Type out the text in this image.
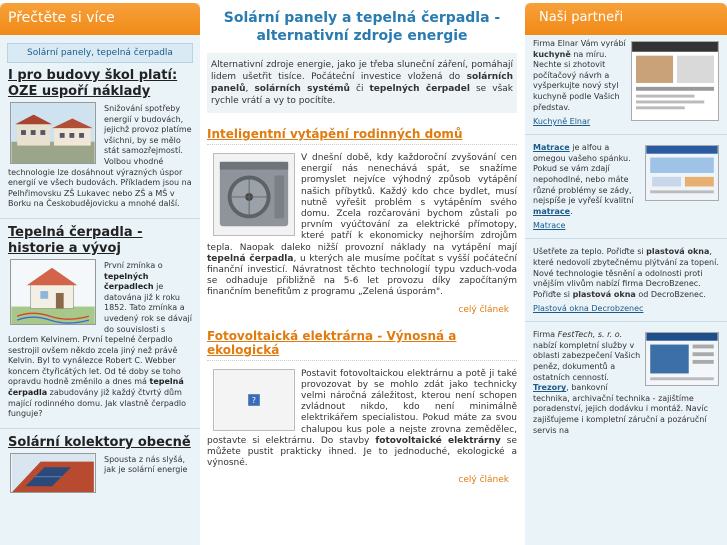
Přečtěte si více
Solární panely, tepelná čerpadla
I pro budovy škol platí: OZE uspoří náklady
Snižování spotřeby energií v budovách, jejichž provoz platíme všichni, by se mělo stát samozřejmostí. Volbou vhodné technologie lze dosáhnout výrazných úspor energií ve všech budovách. Příkladem jsou na Pelhřimovsku ZŠ Lukavec nebo ZŠ a MŠ v Borku na Českobudějovicku a mnohé další.
Tepelná čerpadla - historie a vývoj
První zmínka o tepelných čerpadlech je datována již k roku 1852. Tato zmínka a uvedený rok se dávají do souvislosti s Lordem Kelvinem. První tepelné čerpadlo sestrojil ovšem někdo zcela jiný než právě Kelvin. Byl to vynálezce Robert C. Webber koncem čtyřicátých let. Od té doby se toho opravdu hodně změnilo a dnes má tepelná čerpadla zabudovány již každý čtvrtý dům mající rodinného domu. Jak vlastně čerpadlo funguje?
Solární kolektory obecně
Spousta z nás slyšá, jak je solární energie
Solární panely a tepelná čerpadla - alternativní zdroje energie
Alternativní zdroje energie, jako je třeba sluneční záření, pomáhají lidem ušetřit tisíce. Počáteční investice vložená do solárních panelů, solárních systémů či tepelných čerpadel se však rychle vrátí a vy to pocítíte.
Inteligentní vytápění rodinných domů
V dnešní době, kdy každoroční zvyšování cen energií nás nenechává spát, se snažíme promyslet nejvíce výhodný způsob vytápění našich příbytků. Každý kdo chce bydlet, musí nutně vyřešit problém s vytápěním svého domu. Zcela rozčarováni bychom zůstali po prvním vyúčtování za elektrické přímotopy, které patří k ekonomicky nejhorším zdrojům tepla. Naopak daleko nižší provozní náklady na vytápění mají tepelná čerpadla, u kterých ale musíme počítat s vyšší počáteční finanční investicí. Návratnost těchto technologií typu vzduch-voda se odhaduje přibližně na 5-6 let provozu díky započítaným finančním benefitům z programu „Zelená úsporám".
celý článek
Fotovoltaická elektrárna - Výnosná a ekologická
?
Postavit fotovoltaickou elektrárnu a potě ji také provozovat by se mohlo zdát jako technicky velmi náročná záležitost, kterou není schopen zvládnout nikdo, kdo není minimálně elektrikářem specialistou. Pokud máte za svou chalupou kus pole a nejste zrovna zemědělec, postavte si elektrárnu. Do stavby fotovoltaické elektrárny se můžete pustit prakticky ihned. Je to jednoduché, ekologické a výnosné.
celý článek
Naši partneři
Firma Elnar Vám vyrábí kuchyně na míru. Nechte si zhotovit počítačový návrh a vyšperkujte nový styl kuchyně podle Vašich představ.
Kuchyně Elnar
Matrace je alfou a omegou vašeho spánku. Pokud se vám zdají nepohodlné, nebo máte různé problémy se zády, nejspíše je vyřeší kvalitní matrace.
Matrace
Ušetřete za teplo. Pořiďte si plastová okna, které nedovolí zbytečnému plýtvání za topení. Nové technologie těsnění a odolnosti proti vnějším vlivům nabízí firma DecroBzenec. Pořiďte si plastová okna od DecroBzenec.
Plastová okna Decrobzenec
Firma FestTech, s. r. o. nabízí kompletní služby v oblasti zabezpečení Vašich peněz, dokumentů a ostatních cenností. Trezory, bankovní technika, archivační technika - zajištíme poradenství, jejich dodávku i montáž. Navíc zajišťujeme i kompletní záruční a pozáruční servis na
